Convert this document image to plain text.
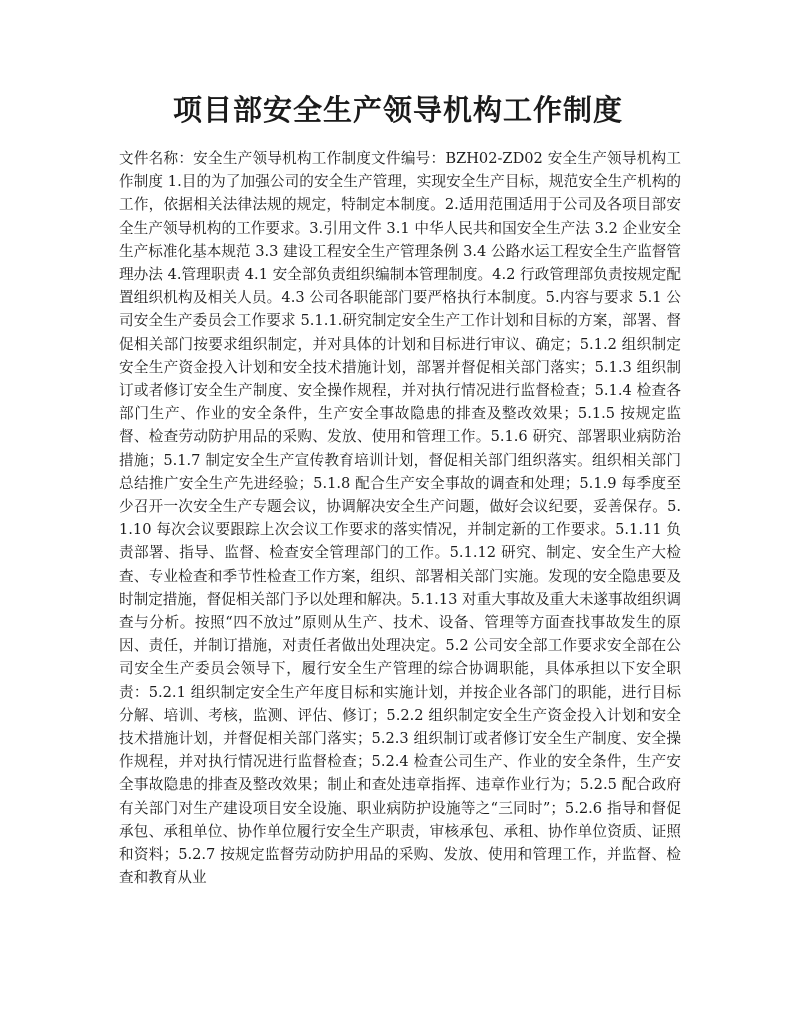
项目部安全生产领导机构工作制度

文件名称：安全生产领导机构工作制度文件编号：BZH02-ZD02 安全生产领导机构工作制度 1.目的为了加强公司的安全生产管理，实现安全生产目标，规范安全生产机构的工作，依据相关法律法规的规定，特制定本制度。2.适用范围适用于公司及各项目部安全生产领导机构的工作要求。3.引用文件 3.1 中华人民共和国安全生产法 3.2 企业安全生产标准化基本规范 3.3 建设工程安全生产管理条例 3.4 公路水运工程安全生产监督管理办法 4.管理职责 4.1 安全部负责组织编制本管理制度。4.2 行政管理部负责按规定配置组织机构及相关人员。4.3 公司各职能部门要严格执行本制度。5.内容与要求 5.1 公司安全生产委员会工作要求 5.1.1.研究制定安全生产工作计划和目标的方案，部署、督促相关部门按要求组织制定，并对具体的计划和目标进行审议、确定；5.1.2 组织制定安全生产资金投入计划和安全技术措施计划，部署并督促相关部门落实；5.1.3 组织制订或者修订安全生产制度、安全操作规程，并对执行情况进行监督检查；5.1.4 检查各部门生产、作业的安全条件，生产安全事故隐患的排查及整改效果；5.1.5 按规定监督、检查劳动防护用品的采购、发放、使用和管理工作。5.1.6 研究、部署职业病防治措施；5.1.7 制定安全生产宣传教育培训计划，督促相关部门组织落实。组织相关部门总结推广安全生产先进经验；5.1.8 配合生产安全事故的调查和处理；5.1.9 每季度至少召开一次安全生产专题会议，协调解决安全生产问题，做好会议纪要，妥善保存。5.1.10 每次会议要跟踪上次会议工作要求的落实情况，并制定新的工作要求。5.1.11 负责部署、指导、监督、检查安全管理部门的工作。5.1.12 研究、制定、安全生产大检查、专业检查和季节性检查工作方案，组织、部署相关部门实施。发现的安全隐患要及时制定措施，督促相关部门予以处理和解决。5.1.13 对重大事故及重大未遂事故组织调查与分析。按照“四不放过”原则从生产、技术、设备、管理等方面查找事故发生的原因、责任，并制订措施，对责任者做出处理决定。5.2 公司安全部工作要求安全部在公司安全生产委员会领导下，履行安全生产管理的综合协调职能，具体承担以下安全职责：5.2.1 组织制定安全生产年度目标和实施计划，并按企业各部门的职能，进行目标分解、培训、考核，监测、评估、修订；5.2.2 组织制定安全生产资金投入计划和安全技术措施计划，并督促相关部门落实；5.2.3 组织制订或者修订安全生产制度、安全操作规程，并对执行情况进行监督检查；5.2.4 检查公司生产、作业的安全条件，生产安全事故隐患的排查及整改效果；制止和查处违章指挥、违章作业行为；5.2.5 配合政府有关部门对生产建设项目安全设施、职业病防护设施等之“三同时”；5.2.6 指导和督促承包、承租单位、协作单位履行安全生产职责，审核承包、承租、协作单位资质、证照和资料；5.2.7 按规定监督劳动防护用品的采购、发放、使用和管理工作，并监督、检查和教育从业
